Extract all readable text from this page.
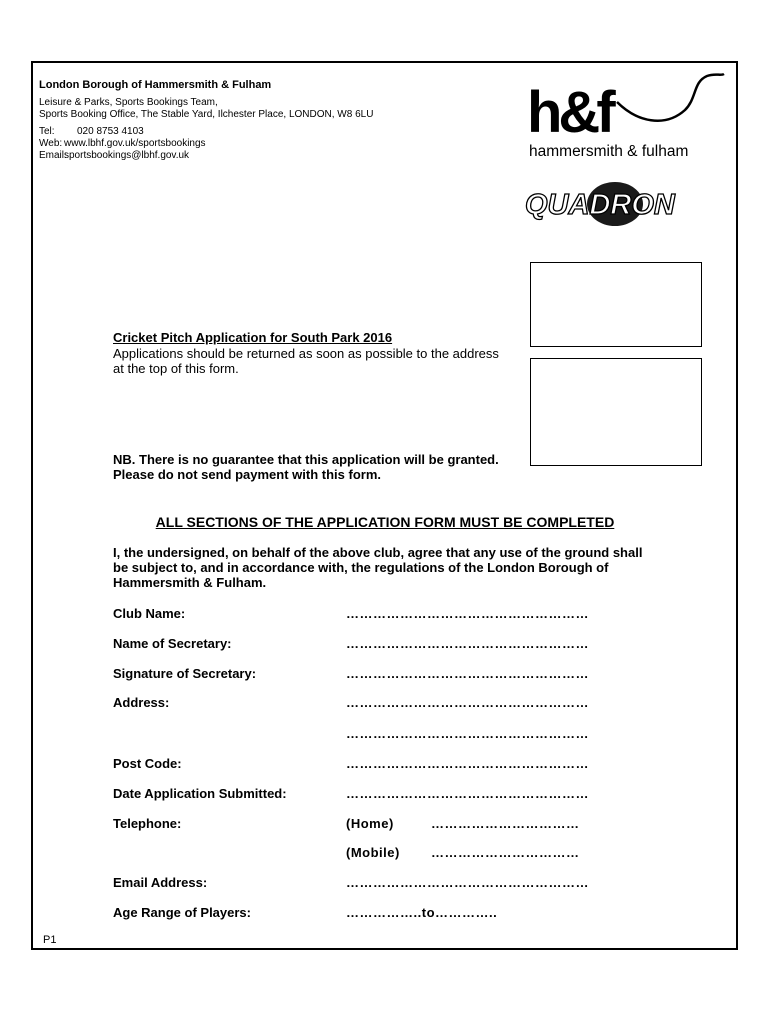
London Borough of Hammersmith & Fulham
Leisure & Parks, Sports Bookings Team,
Sports Booking Office, The Stable Yard, Ilchester Place, LONDON, W8 6LU
Tel:	020 8753 4103
Web: www.lbhf.gov.uk/sportsbookings
Email:
sportsbookings@lbhf.gov.uk
h&f
hammersmith & fulham
QUADRON
Cricket Pitch Application for South Park 2016
Applications should be returned as soon as possible to the address at the top of this form.
NB. There is no guarantee that this application will be granted.
Please do not send payment with this form.
ALL SECTIONS OF THE APPLICATION FORM MUST BE COMPLETED
I, the undersigned, on behalf of the above club, agree that any use of the ground shall be subject to, and in accordance with, the regulations of the London Borough of Hammersmith & Fulham.
Club Name:	………………………………………………
Name of Secretary:	………………………………………………
Signature of Secretary:	………………………………………………
Address:	………………………………………………
………………………………………………
Post Code:	………………………………………………
Date Application Submitted:	………………………………………………
Telephone:	(Home)	……………………………
(Mobile) ……………………………
Email Address:	………………………………………………
Age Range of Players:	……………..to…………..
P1
